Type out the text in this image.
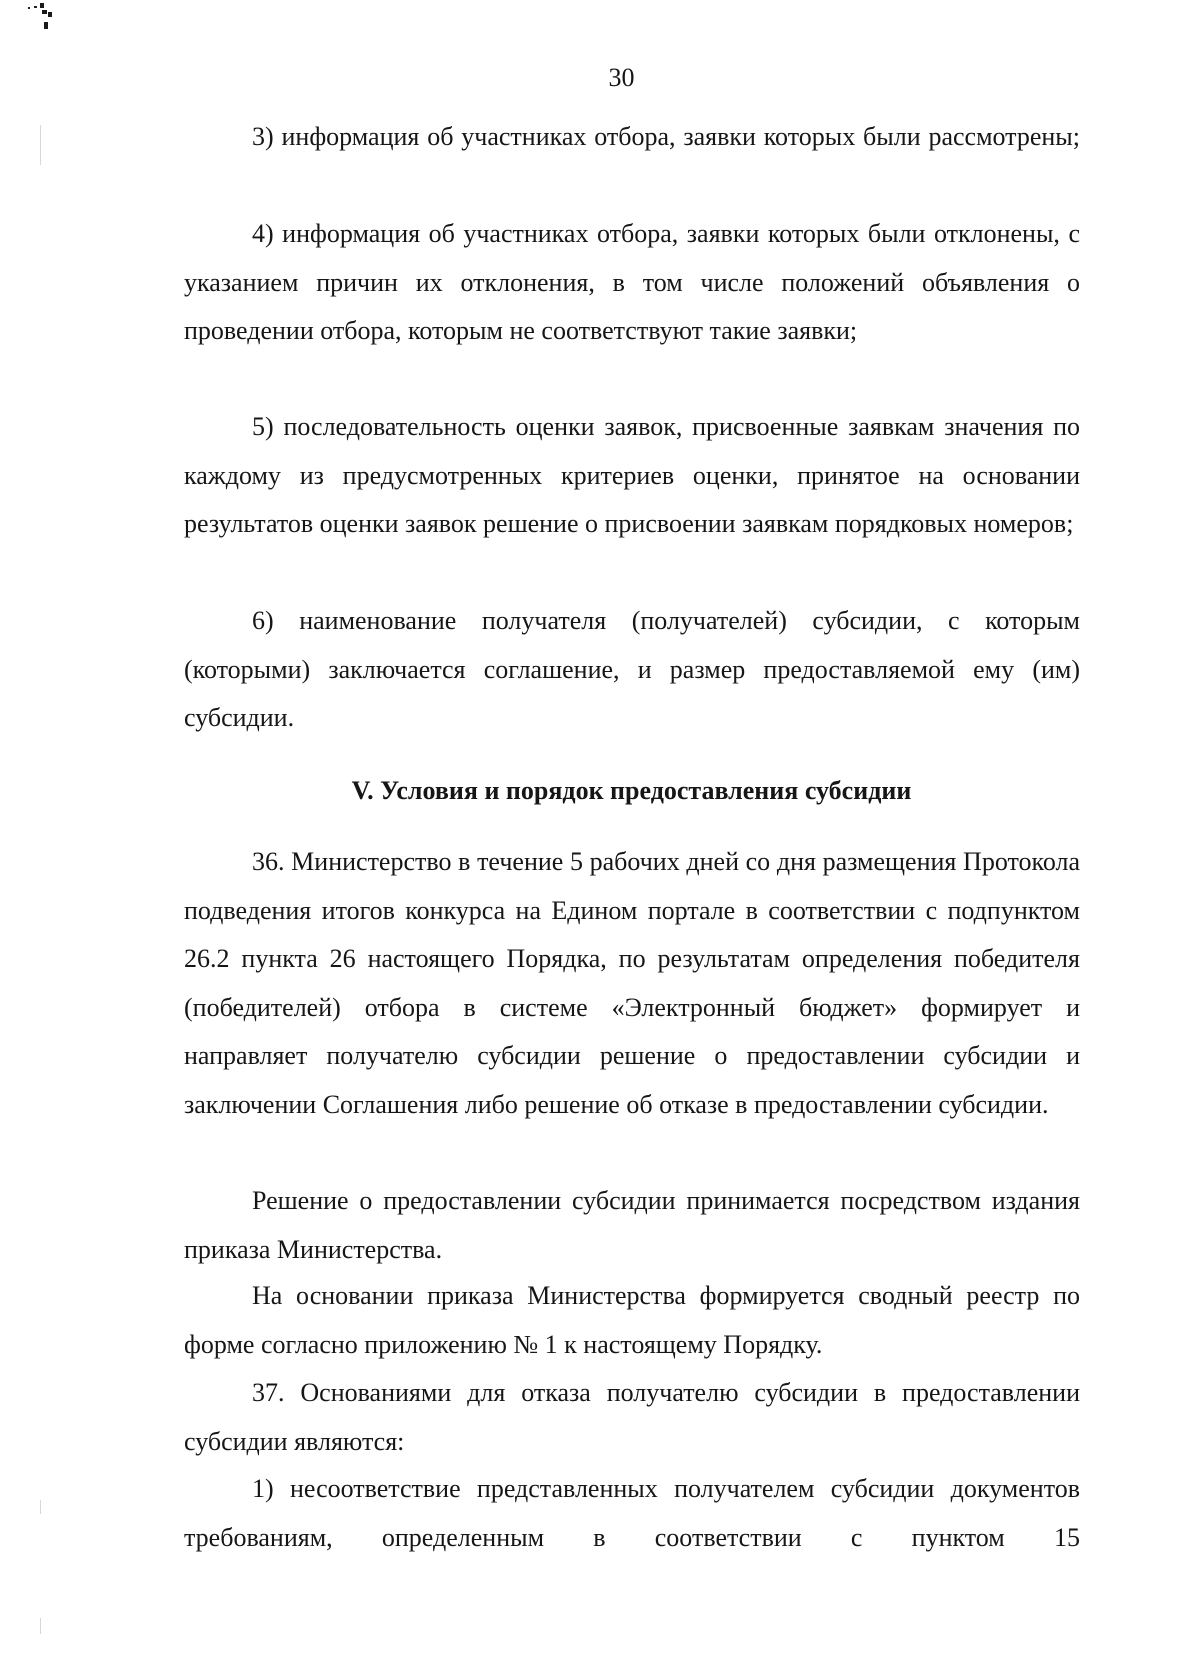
30

3) информация об участниках отбора, заявки которых были рассмотрены;

4) информация об участниках отбора, заявки которых были отклонены, с указанием причин их отклонения, в том числе положений объявления о проведении отбора, которым не соответствуют такие заявки;

5) последовательность оценки заявок, присвоенные заявкам значения по каждому из предусмотренных критериев оценки, принятое на основании результатов оценки заявок решение о присвоении заявкам порядковых номеров;

6) наименование получателя (получателей) субсидии, с которым (которыми) заключается соглашение, и размер предоставляемой ему (им) субсидии.

V. Условия и порядок предоставления субсидии

36. Министерство в течение 5 рабочих дней со дня размещения Протокола подведения итогов конкурса на Едином портале в соответствии с подпунктом 26.2 пункта 26 настоящего Порядка, по результатам определения победителя (победителей) отбора в системе «Электронный бюджет» формирует и направляет получателю субсидии решение о предоставлении субсидии и заключении Соглашения либо решение об отказе в предоставлении субсидии.

Решение о предоставлении субсидии принимается посредством издания приказа Министерства.

На основании приказа Министерства формируется сводный реестр по форме согласно приложению № 1 к настоящему Порядку.

37. Основаниями для отказа получателю субсидии в предоставлении субсидии являются:

1) несоответствие представленных получателем субсидии документов требованиям, определенным в соответствии с пунктом 15
